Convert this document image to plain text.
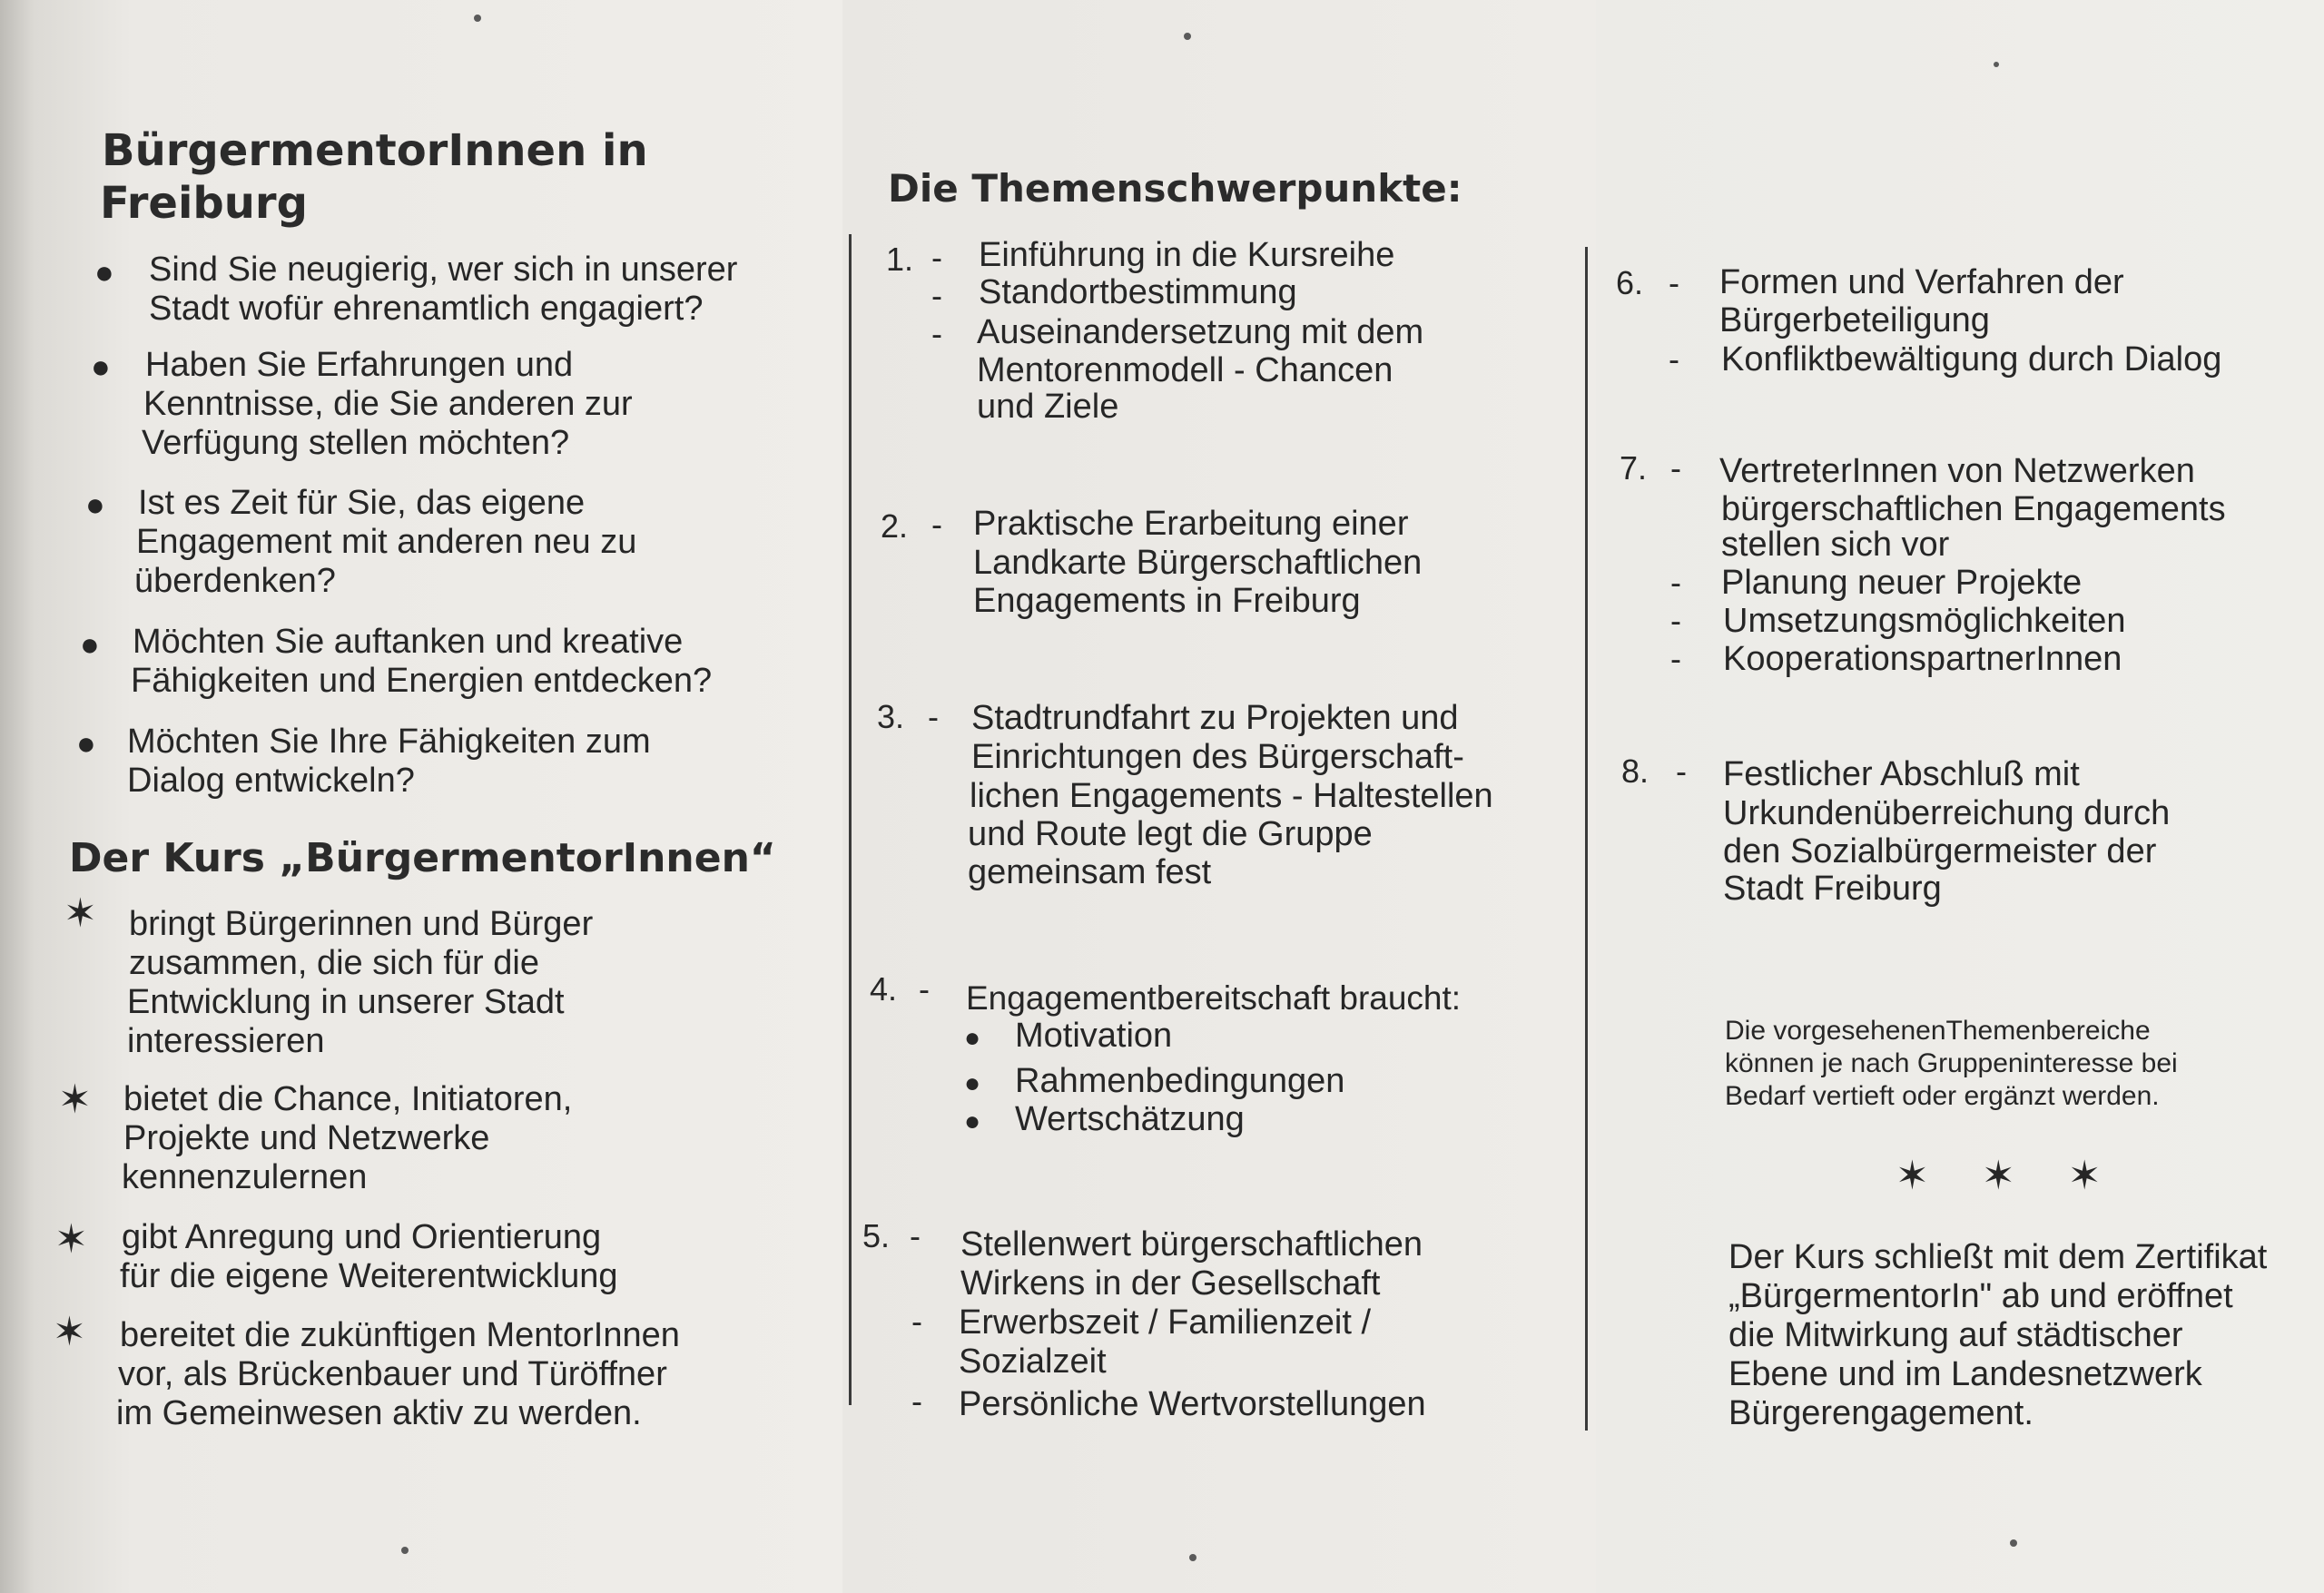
BürgermentorInnen in
Freiburg
● Sind Sie neugierig, wer sich in unserer

Stadt wofür ehrenamtlich engagiert?

● Haben Sie Erfahrungen und

Kenntnisse, die Sie anderen zur

Verfügung stellen möchten?

● Ist es Zeit für Sie, das eigene

Engagement mit anderen neu zu

überdenken?

● Möchten Sie auftanken und kreative

Fähigkeiten und Energien entdecken?

● Möchten Sie Ihre Fähigkeiten zum

Dialog entwickeln?

Der Kurs „BürgermentorInnen“
✶ bringt Bürgerinnen und Bürger

zusammen, die sich für die

Entwicklung in unserer Stadt

interessieren

✶ bietet die Chance, Initiatoren,

Projekte und Netzwerke

kennenzulernen

✶ gibt Anregung und Orientierung

für die eigene Weiterentwicklung

✶ bereitet die zukünftigen MentorInnen

vor, als Brückenbauer und Türöffner

im Gemeinwesen aktiv zu werden.

Die Themenschwerpunkte:
1. - Einführung in die Kursreihe

- Standortbestimmung

- Auseinandersetzung mit dem

Mentorenmodell - Chancen

und Ziele

2. - Praktische Erarbeitung einer

Landkarte Bürgerschaftlichen

Engagements in Freiburg

3. - Stadtrundfahrt zu Projekten und

Einrichtungen des Bürgerschaft-

lichen Engagements - Haltestellen

und Route legt die Gruppe

gemeinsam fest

4. - Engagementbereitschaft braucht:

● Motivation

● Rahmenbedingungen

● Wertschätzung

5. - Stellenwert bürgerschaftlichen

Wirkens in der Gesellschaft

- Erwerbszeit / Familienzeit /

Sozialzeit

- Persönliche Wertvorstellungen

6. - Formen und Verfahren der

Bürgerbeteiligung

- Konfliktbewältigung durch Dialog

7. - VertreterInnen von Netzwerken

bürgerschaftlichen Engagements

stellen sich vor

- Planung neuer Projekte

- Umsetzungsmöglichkeiten

- KooperationspartnerInnen

8. - Festlicher Abschluß mit

Urkundenüberreichung durch

den Sozialbürgermeister der

Stadt Freiburg

Die vorgesehenenThemenbereiche

können je nach Gruppeninteresse bei

Bedarf vertieft oder ergänzt werden.

✶ ✶ ✶

Der Kurs schließt mit dem Zertifikat

„BürgermentorIn" ab und eröffnet

die Mitwirkung auf städtischer

Ebene und im Landesnetzwerk

Bürgerengagement.
